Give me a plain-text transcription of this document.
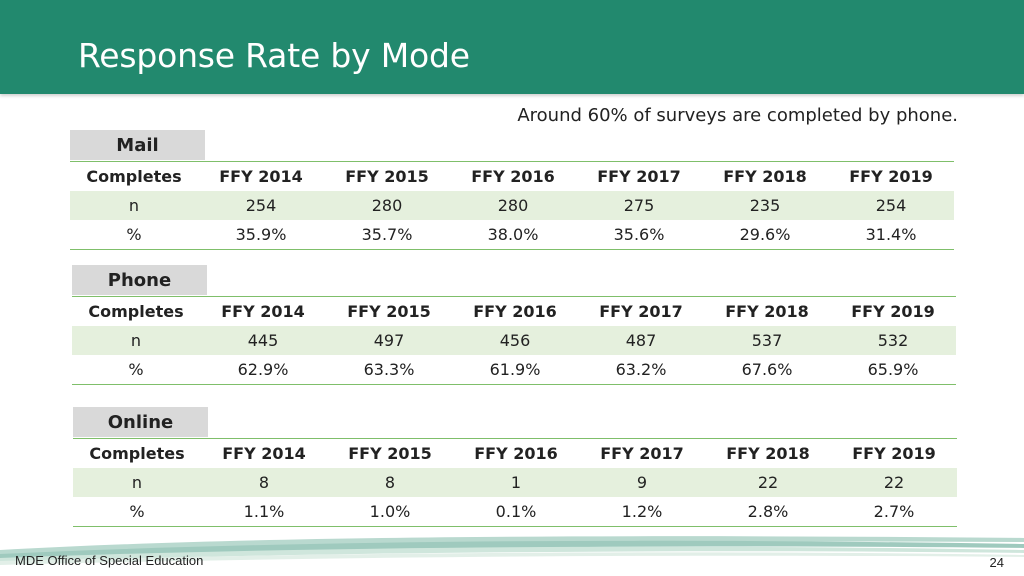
Response Rate by Mode
Around 60% of surveys are completed by phone.
Mail
Completes	FFY 2014	FFY 2015	FFY 2016	FFY 2017	FFY 2018	FFY 2019
n	254	280	280	275	235	254
%	35.9%	35.7%	38.0%	35.6%	29.6%	31.4%
Phone
Completes	FFY 2014	FFY 2015	FFY 2016	FFY 2017	FFY 2018	FFY 2019
n	445	497	456	487	537	532
%	62.9%	63.3%	61.9%	63.2%	67.6%	65.9%
Online
Completes	FFY 2014	FFY 2015	FFY 2016	FFY 2017	FFY 2018	FFY 2019
n	8	8	1	9	22	22
%	1.1%	1.0%	0.1%	1.2%	2.8%	2.7%
MDE Office of Special Education	24
